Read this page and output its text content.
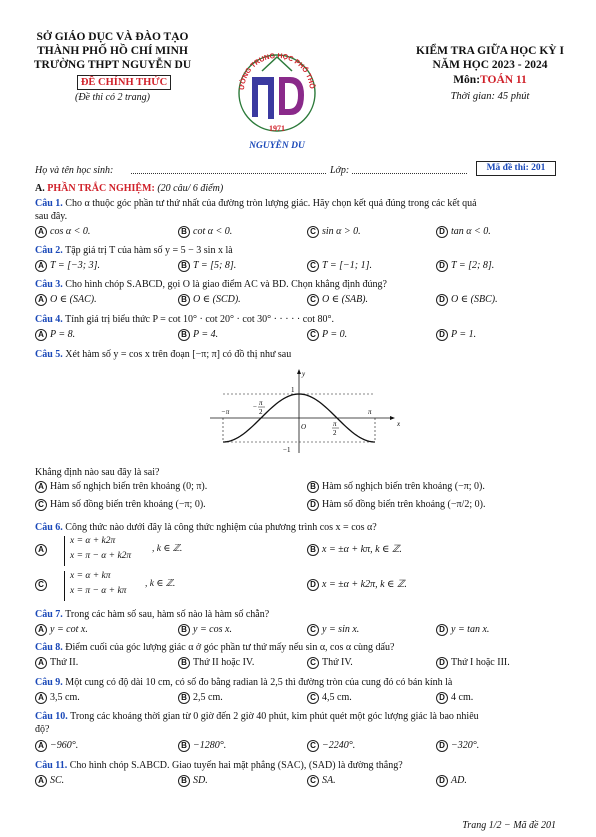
SỞ GIÁO DỤC VÀ ĐÀO TẠO
THÀNH PHỐ HỒ CHÍ MINH
TRƯỜNG THPT NGUYỄN DU
ĐỀ CHÍNH THỨC
(Đề thi có 2 trang)
ƯỜNG TRUNG HỌC PHỔ THÔ
1971
NGUYỄN DU
KIỂM TRA GIỮA HỌC KỲ I
NĂM HỌC 2023 - 2024
Môn:TOÁN 11
Thời gian: 45 phút
Họ và tên học sinh:	Lớp:	Mã đề thi: 201
A. PHẦN TRẮC NGHIỆM: (20 câu/ 6 điểm)
Câu 1. Cho α thuộc góc phần tư thứ nhất của đường tròn lượng giác. Hãy chọn kết quả đúng trong các kết quả
sau đây.
A cos α < 0.	B cot α < 0.	C sin α > 0.	D tan α < 0.
Câu 2. Tập giá trị T của hàm số y = 5 − 3 sin x là
A T = [−3; 3].	B T = [5; 8].	C T = [−1; 1].	D T = [2; 8].
Câu 3. Cho hình chóp S.ABCD, gọi O là giao điểm AC và BD. Chọn khẳng định đúng?
A O ∈ (SAC).	B O ∈ (SCD).	C O ∈ (SAB).	D O ∈ (SBC).
Câu 4. Tính giá trị biểu thức P = cot 10° · cot 20° · cot 30° · · · · · cot 80°.
A P = 8.	B P = 4.	C P = 0.	D P = 1.
Câu 5. Xét hàm số y = cos x trên đoạn [−π; π] có đồ thị như sau
y
x
1
−1
O
−π	π
− π
2
π
2
Khẳng định nào sau đây là sai?
A Hàm số nghịch biến trên khoảng (0; π).	B Hàm số nghịch biến trên khoảng (−π; 0).
C Hàm số đồng biến trên khoảng (−π; 0).	D Hàm số đồng biến trên khoảng (−π/2; 0).
Câu 6. Công thức nào dưới đây là công thức nghiệm của phương trình cos x = cos α?
A
x = α + k2π
x = π − α + k2π
, k ∈ ℤ.	B x = ±α + kπ, k ∈ ℤ.
C
x = α + kπ
x = π − α + kπ
, k ∈ ℤ.	D x = ±α + k2π, k ∈ ℤ.
Câu 7. Trong các hàm số sau, hàm số nào là hàm số chẵn?
A y = cot x.	B y = cos x.	C y = sin x.	D y = tan x.
Câu 8. Điểm cuối của góc lượng giác α ở góc phần tư thứ mấy nếu sin α, cos α cùng dấu?
A Thứ II.	B Thứ II hoặc IV.	C Thứ IV.	D Thứ I hoặc III.
Câu 9. Một cung có độ dài 10 cm, có số đo bằng radian là 2,5 thì đường tròn của cung đó có bán kính là
A 3,5 cm.	B 2,5 cm.	C 4,5 cm.	D 4 cm.
Câu 10. Trong các khoảng thời gian từ 0 giờ đến 2 giờ 40 phút, kim phút quét một góc lượng giác là bao nhiêu
độ?
A −960°.	B −1280°.	C −2240°.	D −320°.
Câu 11. Cho hình chóp S.ABCD. Giao tuyến hai mặt phẳng (SAC), (SAD) là đường thẳng?
A SC.	B SD.	C SA.	D AD.
Trang 1/2 − Mã đề 201
